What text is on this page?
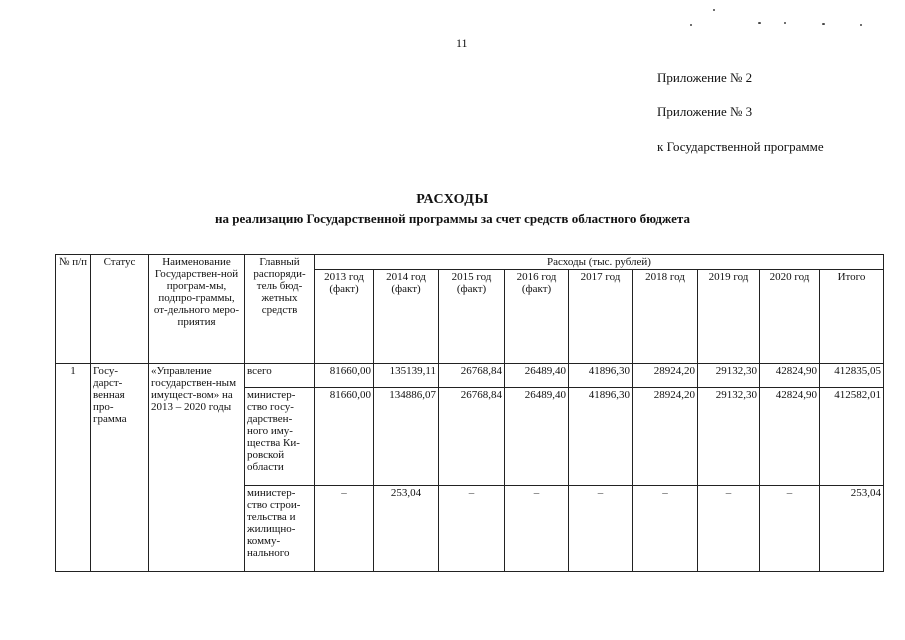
11
Приложение № 2
Приложение № 3
к Государственной программе
РАСХОДЫ
на реализацию Государственной программы за счет средств областного бюджета
№ п/п	Статус	Наименование Государствен-ной програм-мы, подпро-граммы, от-дельного меро-приятия	Главный распоряди-тель бюд-жетных средств	Расходы (тыс. рублей)								
				2013 год (факт)	2014 год (факт)	2015 год (факт)	2016 год (факт)	2017 год	2018 год	2019 год	2020 год	Итого
1	Госу-дарст-венная про-грамма	«Управление государствен-ным имущест-вом» на 2013 – 2020 годы	всего	81660,00	135139,11	26768,84	26489,40	41896,30	28924,20	29132,30	42824,90	412835,05
			министер-ство госу-дарствен-ного иму-щества Ки-ровской области	81660,00	134886,07	26768,84	26489,40	41896,30	28924,20	29132,30	42824,90	412582,01
			министер-ство строи-тельства и жилищно-комму-нального	–	253,04	–	–	–	–	–	–	253,04
